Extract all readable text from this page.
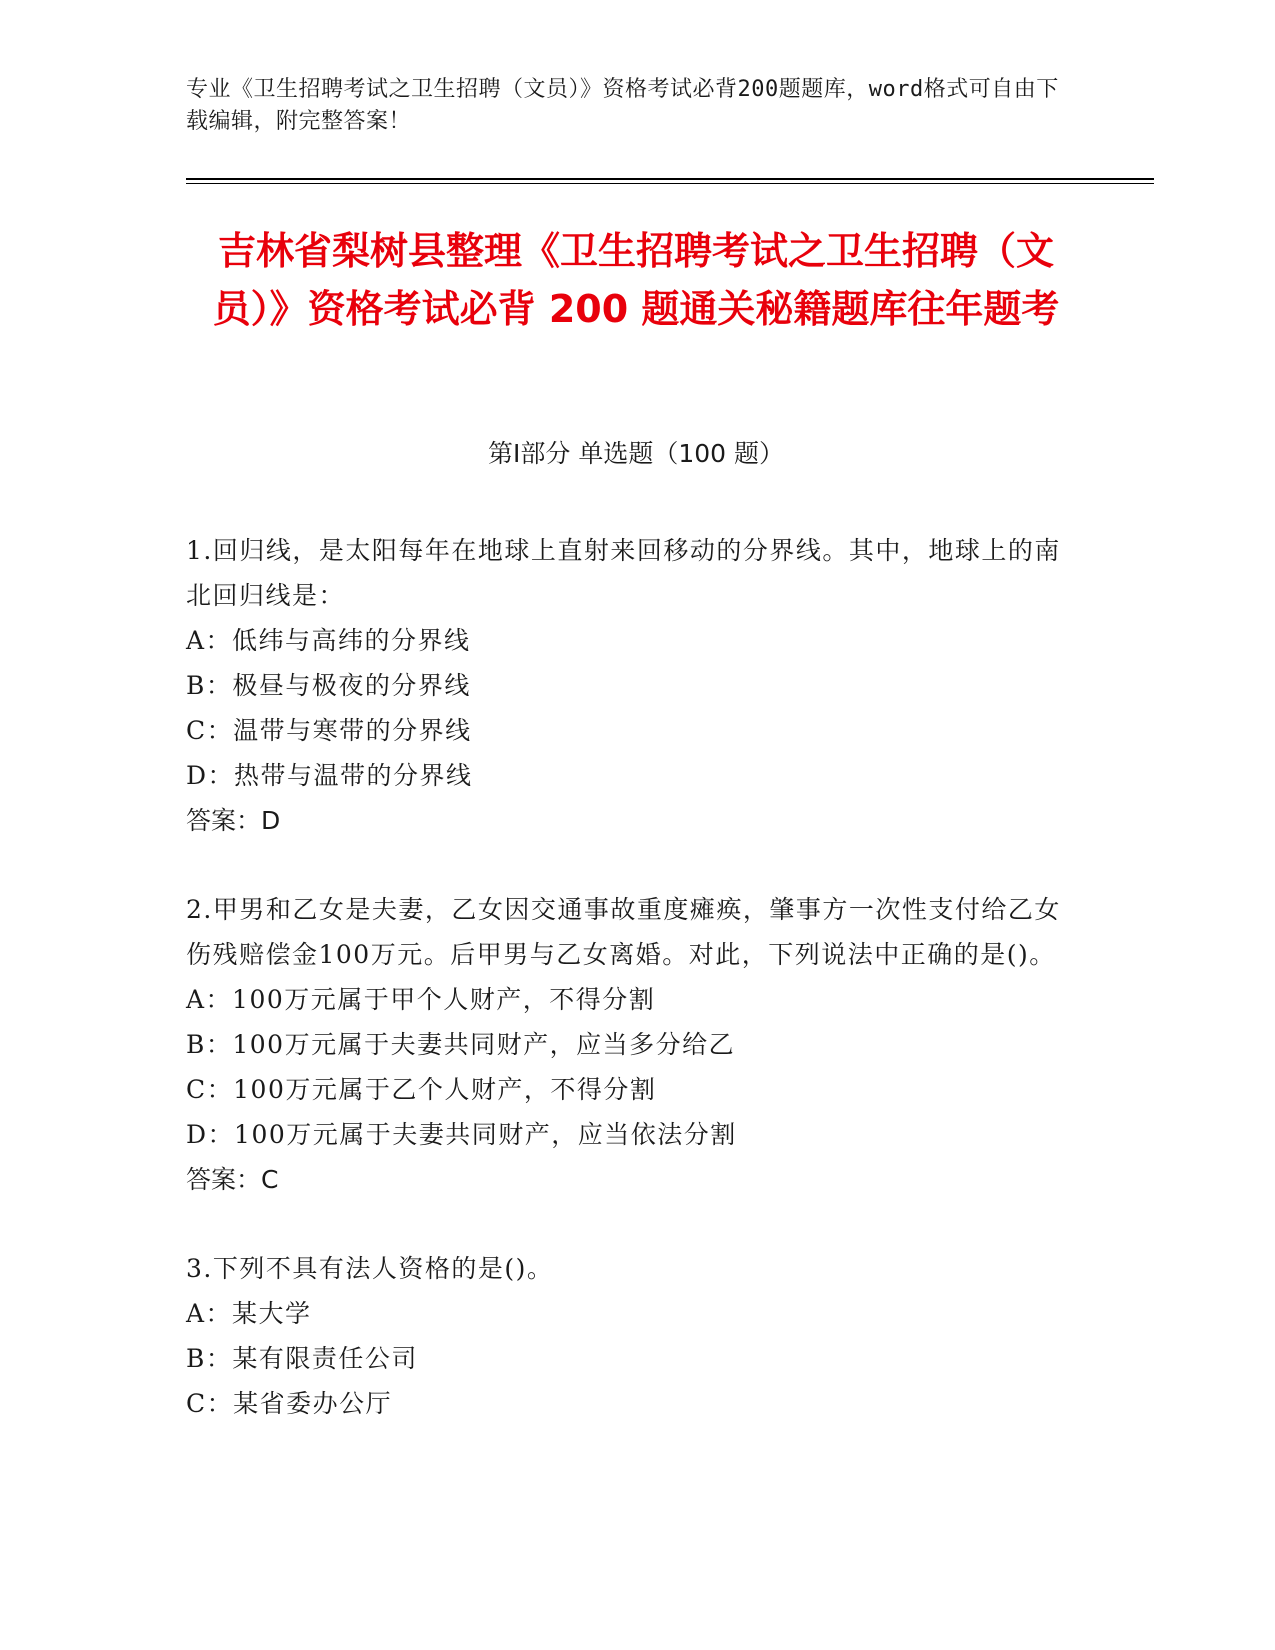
专业《卫生招聘考试之卫生招聘（文员）》资格考试必背200题题库，word格式可自由下载编辑，附完整答案！
吉林省梨树县整理《卫生招聘考试之卫生招聘（文员）》资格考试必背 200 题通关秘籍题库往年题考
第Ⅰ部分 单选题（100 题）
1.回归线，是太阳每年在地球上直射来回移动的分界线。其中，地球上的南北回归线是：
A：低纬与高纬的分界线
B：极昼与极夜的分界线
C：温带与寒带的分界线
D：热带与温带的分界线
答案：D
2.甲男和乙女是夫妻，乙女因交通事故重度瘫痪，肇事方一次性支付给乙女伤残赔偿金100万元。后甲男与乙女离婚。对此，下列说法中正确的是()。
A：100万元属于甲个人财产，不得分割
B：100万元属于夫妻共同财产，应当多分给乙
C：100万元属于乙个人财产，不得分割
D：100万元属于夫妻共同财产，应当依法分割
答案：C
3.下列不具有法人资格的是()。
A：某大学
B：某有限责任公司
C：某省委办公厅
